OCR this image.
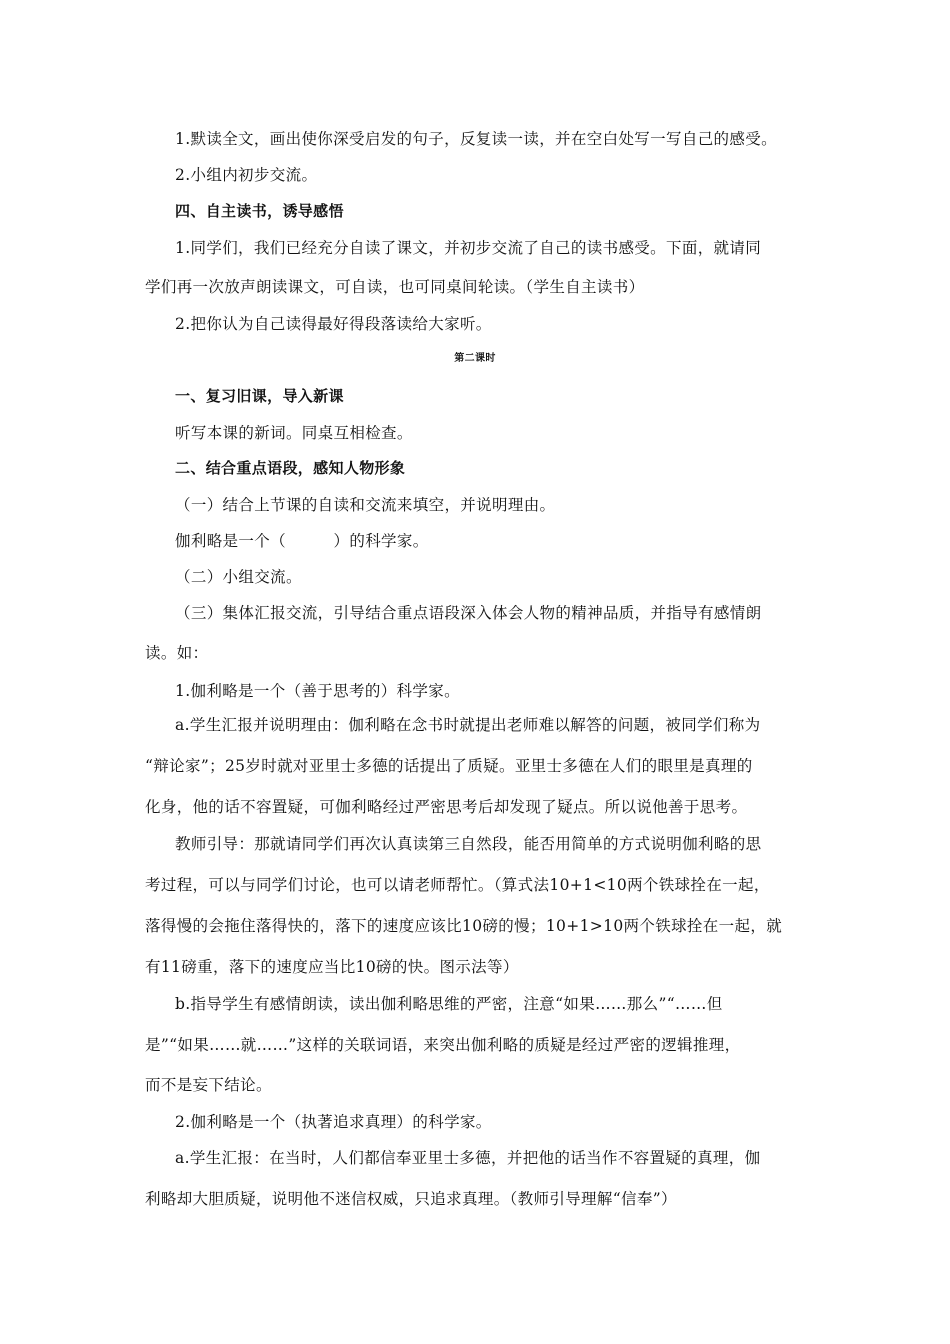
1.默读全文，画出使你深受启发的句子，反复读一读，并在空白处写一写自己的感受。
2.小组内初步交流。
四、自主读书，诱导感悟
1.同学们，我们已经充分自读了课文，并初步交流了自己的读书感受。下面，就请同
学们再一次放声朗读课文，可自读，也可同桌间轮读。（学生自主读书）
2.把你认为自己读得最好得段落读给大家听。
第二课时
一、复习旧课，导入新课
听写本课的新词。同桌互相检查。
二、结合重点语段，感知人物形象
（一）结合上节课的自读和交流来填空，并说明理由。
伽利略是一个（　　　）的科学家。
（二）小组交流。
（三）集体汇报交流，引导结合重点语段深入体会人物的精神品质，并指导有感情朗
读。如：
1.伽利略是一个（善于思考的）科学家。
a.学生汇报并说明理由：伽利略在念书时就提出老师难以解答的问题，被同学们称为
“辩论家”；25岁时就对亚里士多德的话提出了质疑。亚里士多德在人们的眼里是真理的
化身，他的话不容置疑，可伽利略经过严密思考后却发现了疑点。所以说他善于思考。
教师引导：那就请同学们再次认真读第三自然段，能否用简单的方式说明伽利略的思
考过程，可以与同学们讨论，也可以请老师帮忙。（算式法10+1<10两个铁球拴在一起，
落得慢的会拖住落得快的，落下的速度应该比10磅的慢；10+1>10两个铁球拴在一起，就
有11磅重，落下的速度应当比10磅的快。图示法等）
b.指导学生有感情朗读，读出伽利略思维的严密，注意“如果……那么”“……但
是”“如果……就……”这样的关联词语，来突出伽利略的质疑是经过严密的逻辑推理，
而不是妄下结论。
2.伽利略是一个（执著追求真理）的科学家。
a.学生汇报：在当时，人们都信奉亚里士多德，并把他的话当作不容置疑的真理，伽
利略却大胆质疑，说明他不迷信权威，只追求真理。（教师引导理解“信奉”）
